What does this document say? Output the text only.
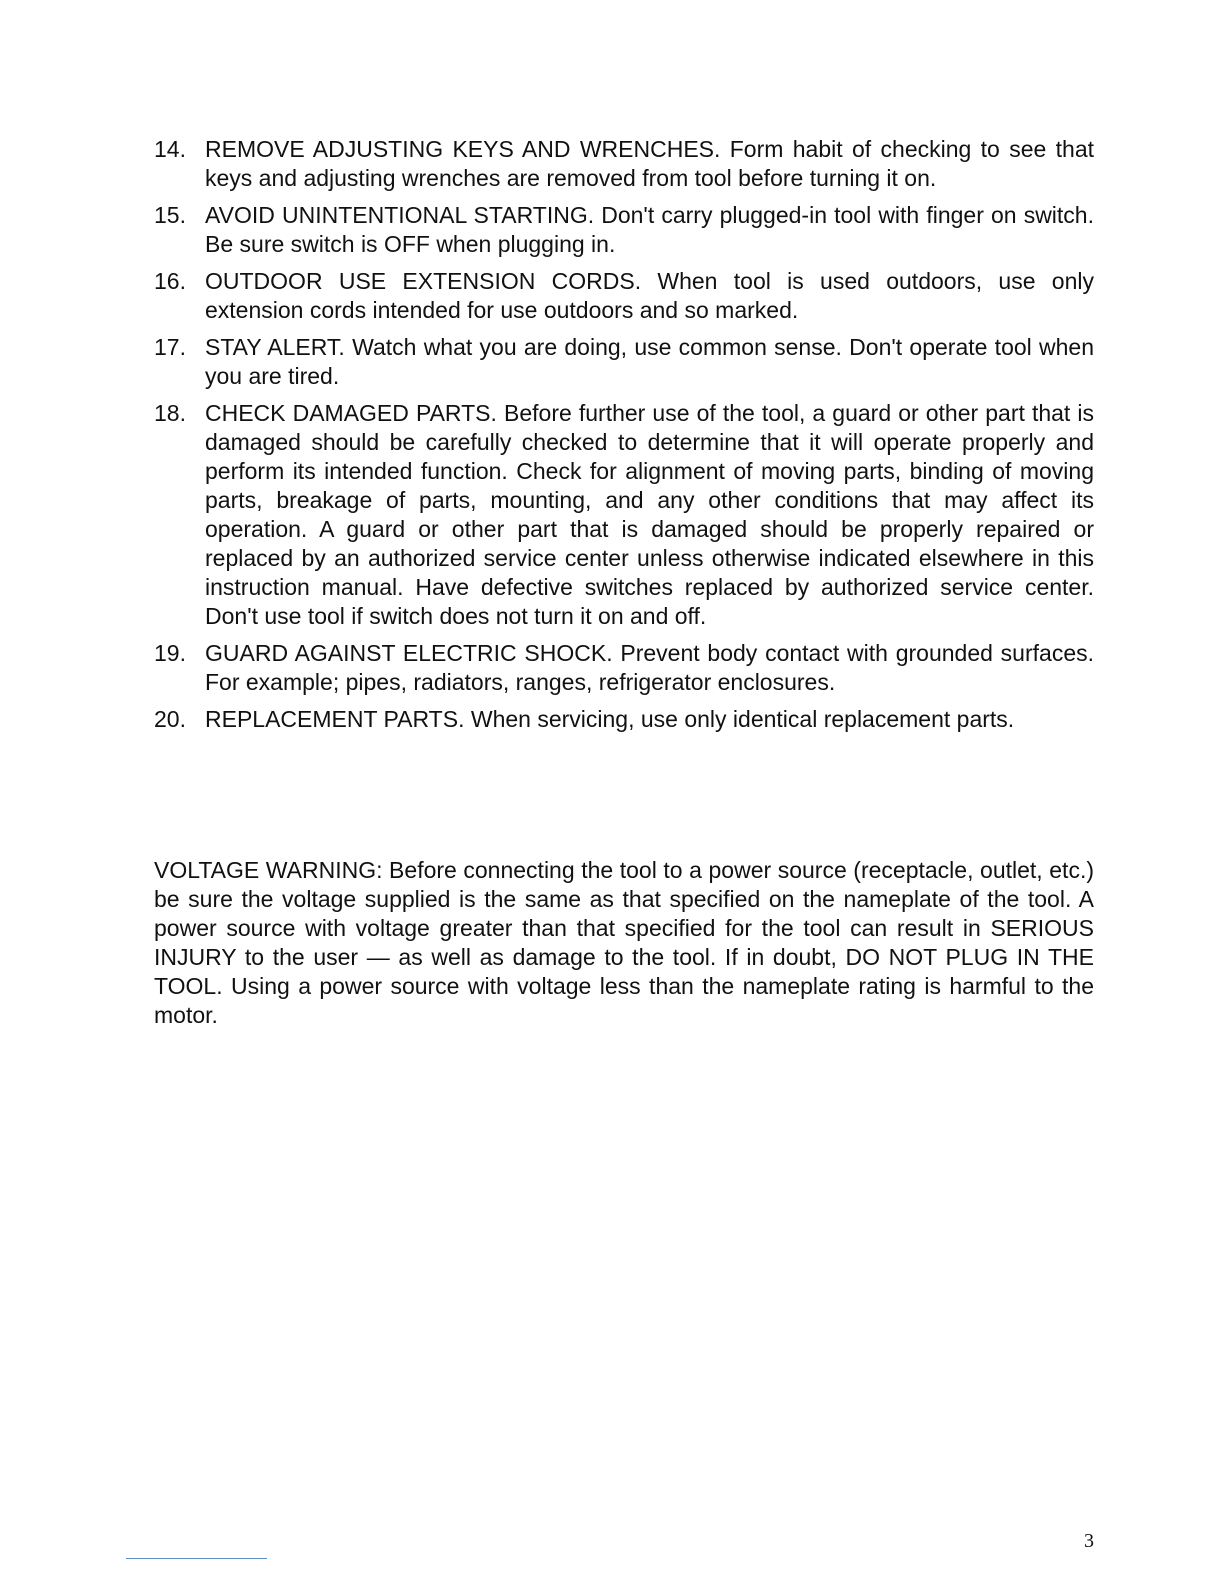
14. REMOVE ADJUSTING KEYS AND WRENCHES. Form habit of checking to see that keys and adjusting wrenches are removed from tool before turning it on.
15. AVOID UNINTENTIONAL STARTING. Don't carry plugged-in tool with finger on switch. Be sure switch is OFF when plugging in.
16. OUTDOOR USE EXTENSION CORDS. When tool is used outdoors, use only extension cords intended for use outdoors and so marked.
17. STAY ALERT. Watch what you are doing, use common sense. Don't operate tool when you are tired.
18. CHECK DAMAGED PARTS. Before further use of the tool, a guard or other part that is damaged should be carefully checked to determine that it will operate properly and perform its intended function. Check for alignment of moving parts, binding of moving parts, breakage of parts, mounting, and any other conditions that may affect its operation. A guard or other part that is damaged should be properly repaired or replaced by an authorized service center unless otherwise indicated elsewhere in this instruction manual. Have defective switches replaced by authorized service center. Don't use tool if switch does not turn it on and off.
19. GUARD AGAINST ELECTRIC SHOCK. Prevent body contact with grounded surfaces. For example; pipes, radiators, ranges, refrigerator enclosures.
20. REPLACEMENT PARTS. When servicing, use only identical replacement parts.

VOLTAGE WARNING: Before connecting the tool to a power source (receptacle, outlet, etc.) be sure the voltage supplied is the same as that specified on the nameplate of the tool. A power source with voltage greater than that specified for the tool can result in SERIOUS INJURY to the user — as well as damage to the tool. If in doubt, DO NOT PLUG IN THE TOOL. Using a power source with voltage less than the nameplate rating is harmful to the motor.

3
